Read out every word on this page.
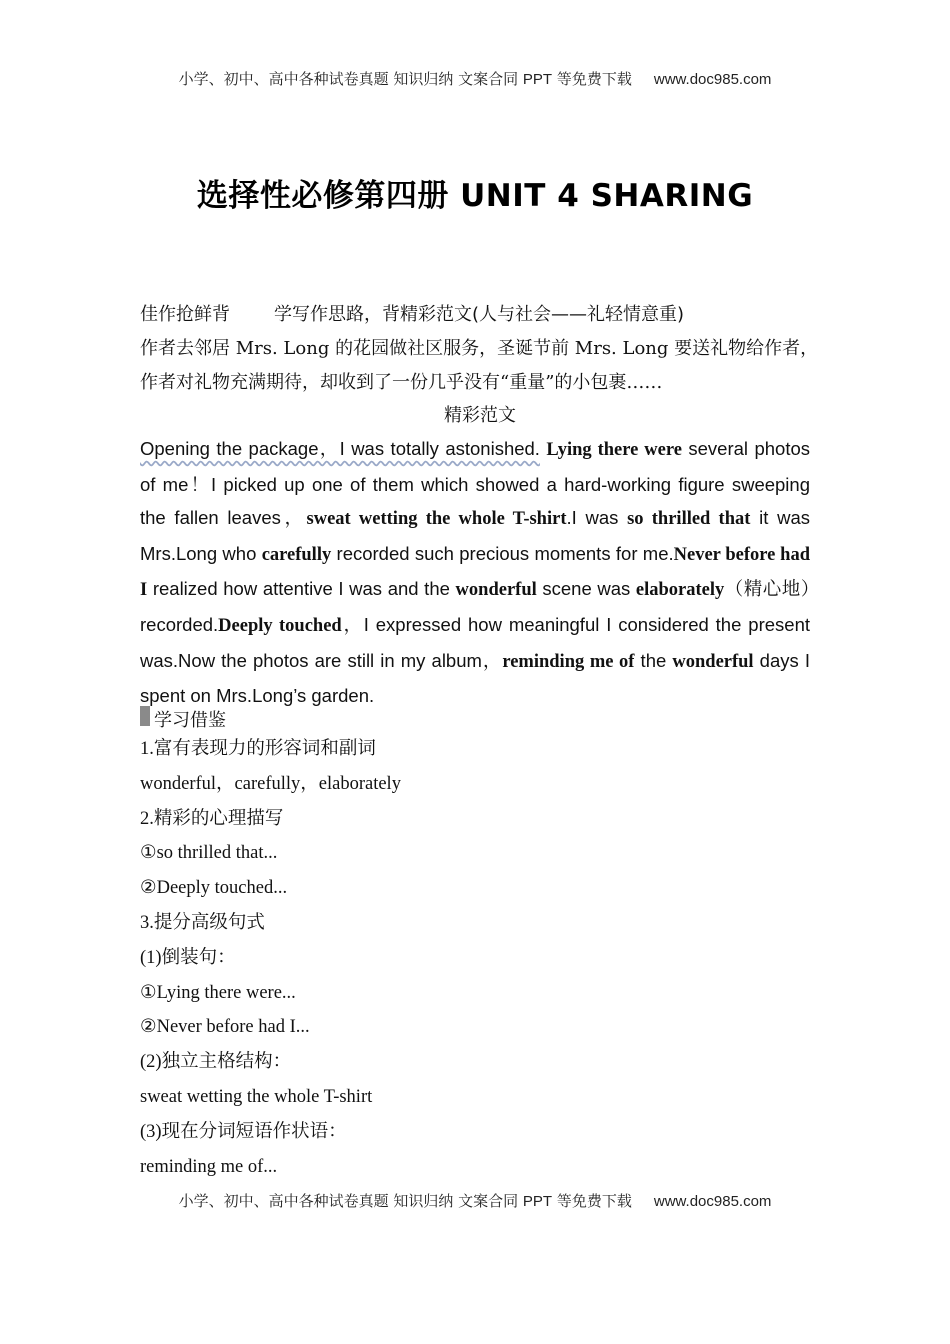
小学、初中、高中各种试卷真题 知识归纳 文案合同 PPT 等免费下载 www.doc985.com
选择性必修第四册 UNIT 4 SHARING
佳作抢鲜背 学写作思路，背精彩范文(人与社会——礼轻情意重)
作者去邻居 Mrs. Long 的花园做社区服务，圣诞节前 Mrs. Long 要送礼物给作者，
作者对礼物充满期待，却收到了一份几乎没有“重量”的小包裹……
精彩范文

Opening the package，I was totally astonished. Lying there were several photos of me！I picked up one of them which showed a hard-working figure sweeping the fallen leaves，sweat wetting the whole T-shirt.I was so thrilled that it was Mrs.Long who carefully recorded such precious moments for me.Never before had I realized how attentive I was and the wonderful scene was elaborately（精心地）recorded.Deeply touched，I expressed how meaningful I considered the present was.Now the photos are still in my album，reminding me of the wonderful days I spent on Mrs.Long’s garden.

学习借鉴
1.富有表现力的形容词和副词
wonderful，carefully，elaborately
2.精彩的心理描写
①so thrilled that...
②Deeply touched...
3.提分高级句式
(1)倒装句：
①Lying there were...
②Never before had I...
(2)独立主格结构：
sweat wetting the whole T-shirt
(3)现在分词短语作状语：
reminding me of...
小学、初中、高中各种试卷真题 知识归纳 文案合同 PPT 等免费下载 www.doc985.com
